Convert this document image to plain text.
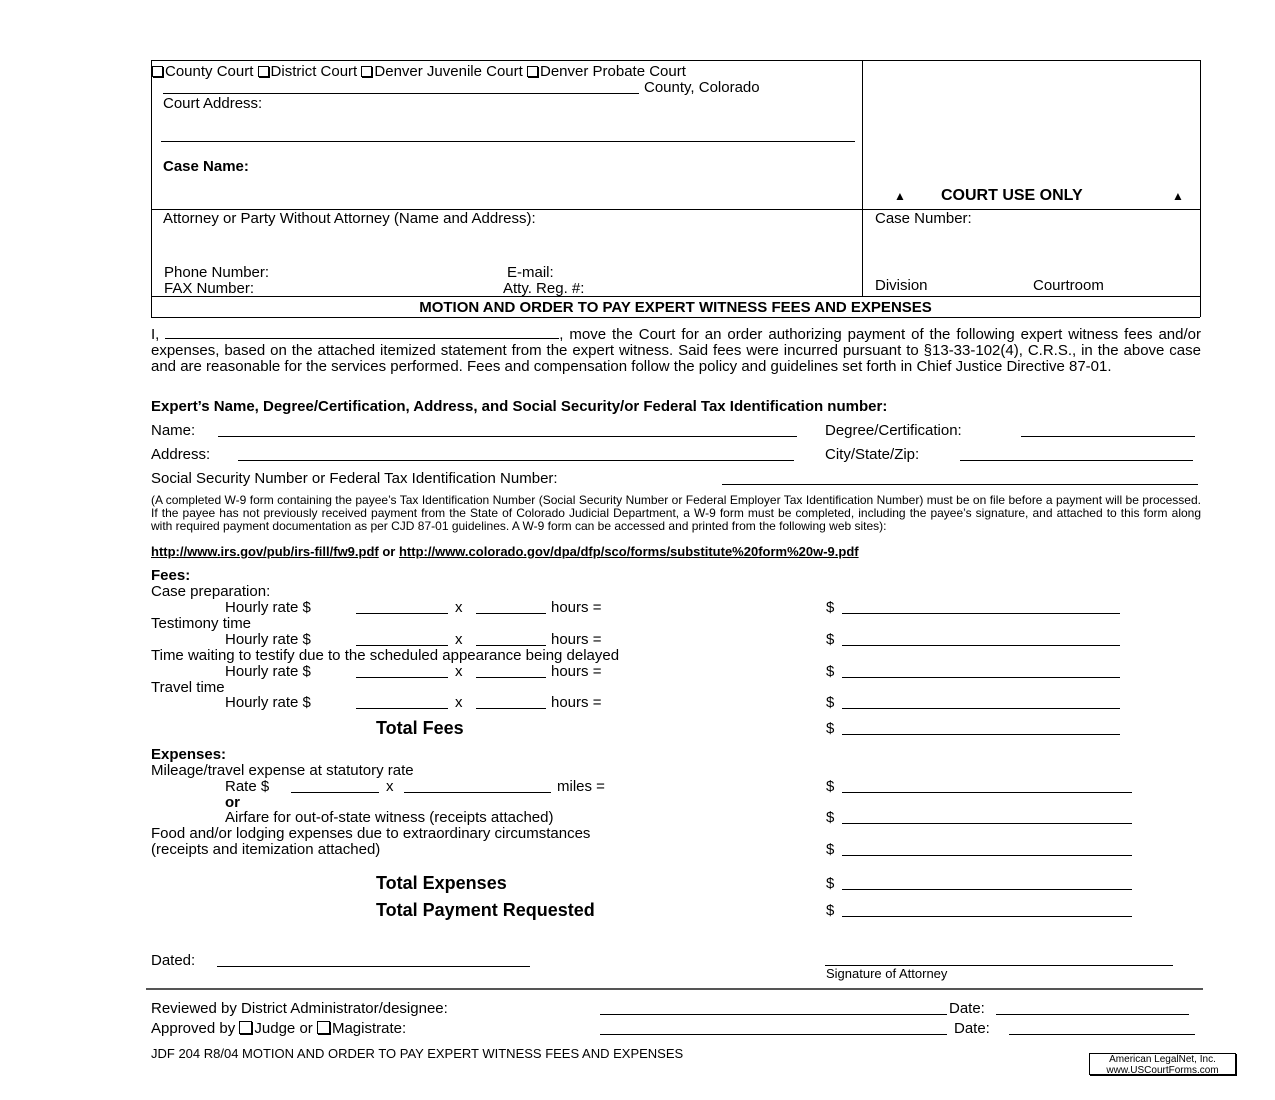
County Court District Court Denver Juvenile Court Denver Probate Court
County, Colorado
Court Address:
Case Name:
▲ COURT USE ONLY	▲
Attorney or Party Without Attorney (Name and Address):
Phone Number:	E-mail:
FAX Number:	Atty. Reg. #:
Case Number:
Division	Courtroom
MOTION AND ORDER TO PAY EXPERT WITNESS FEES AND EXPENSES
I,	, move the Court for an order authorizing payment of the following expert witness fees and/or expenses, based on the attached itemized statement from the expert witness. Said fees were incurred pursuant to §13-33-102(4), C.R.S., in the above case and are reasonable for the services performed. Fees and compensation follow the policy and guidelines set forth in Chief Justice Directive 87-01.
Expert’s Name, Degree/Certification, Address, and Social Security/or Federal Tax Identification number:
Name:	Degree/Certification:
Address:	City/State/Zip:
Social Security Number or Federal Tax Identification Number:
(A completed W-9 form containing the payee’s Tax Identification Number (Social Security Number or Federal Employer Tax Identification Number) must be on file before a payment will be processed. If the payee has not previously received payment from the State of Colorado Judicial Department, a W-9 form must be completed, including the payee’s signature, and attached to this form along with required payment documentation as per CJD 87-01 guidelines. A W-9 form can be accessed and printed from the following web sites):
http://www.irs.gov/pub/irs-fill/fw9.pdf or http://www.colorado.gov/dpa/dfp/sco/forms/substitute%20form%20w-9.pdf
Fees:
Case preparation:
Hourly rate $	x	hours =	$
Testimony time
Hourly rate $	x	hours =	$
Time waiting to testify due to the scheduled appearance being delayed
Hourly rate $	x	hours =	$
Travel time
Hourly rate $	x	hours =	$
Total Fees	$
Expenses:
Mileage/travel expense at statutory rate
Rate $	x	miles =	$
or
Airfare for out-of-state witness (receipts attached)	$
Food and/or lodging expenses due to extraordinary circumstances
(receipts and itemization attached)	$
Total Expenses	$
Total Payment Requested	$
Dated:
Signature of Attorney
Reviewed by District Administrator/designee:	Date:
Approved by Judge or Magistrate:	Date:
JDF 204 R8/04 MOTION AND ORDER TO PAY EXPERT WITNESS FEES AND EXPENSES	American LegalNet, Inc.
www.USCourtForms.com
